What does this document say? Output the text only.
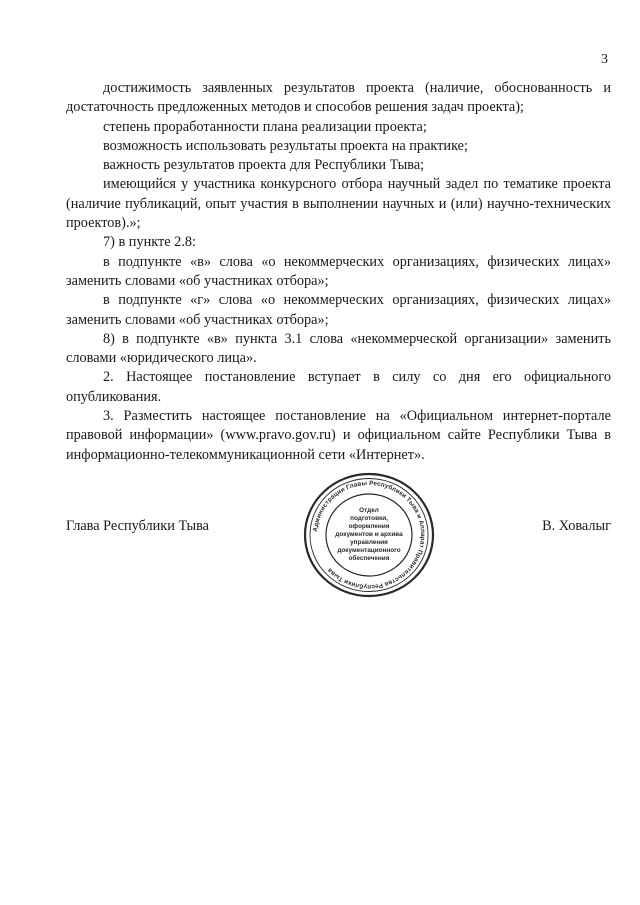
3

достижимость заявленных результатов проекта (наличие, обоснованность и достаточность предложенных методов и способов решения задач проекта);

степень проработанности плана реализации проекта;

возможность использовать результаты проекта на практике;

важность результатов проекта для Республики Тыва;

имеющийся у участника конкурсного отбора научный задел по тематике проекта (наличие публикаций, опыт участия в выполнении научных и (или) научно-технических проектов).»;

7) в пункте 2.8:

в подпункте «в» слова «о некоммерческих организациях, физических лицах» заменить словами «об участниках отбора»;

в подпункте «г» слова «о некоммерческих организациях, физических лицах» заменить словами «об участниках отбора»;

8) в подпункте «в» пункта 3.1 слова «некоммерческой организации» заменить словами «юридического лица».

2. Настоящее постановление вступает в силу со дня его официального опубликования.

3. Разместить настоящее постановление на «Официальном интернет-портале правовой информации» (www.pravo.gov.ru) и официальном сайте Республики Тыва в информационно-телекоммуникационной сети «Интернет».

Глава Республики Тыва	В. Ховалыг
Администрации Главы Республики Тыва и Аппарат Правительства Республики Тыва
Отдел
подготовки,
оформления
документов и архива
управления
документационного
обеспечения
